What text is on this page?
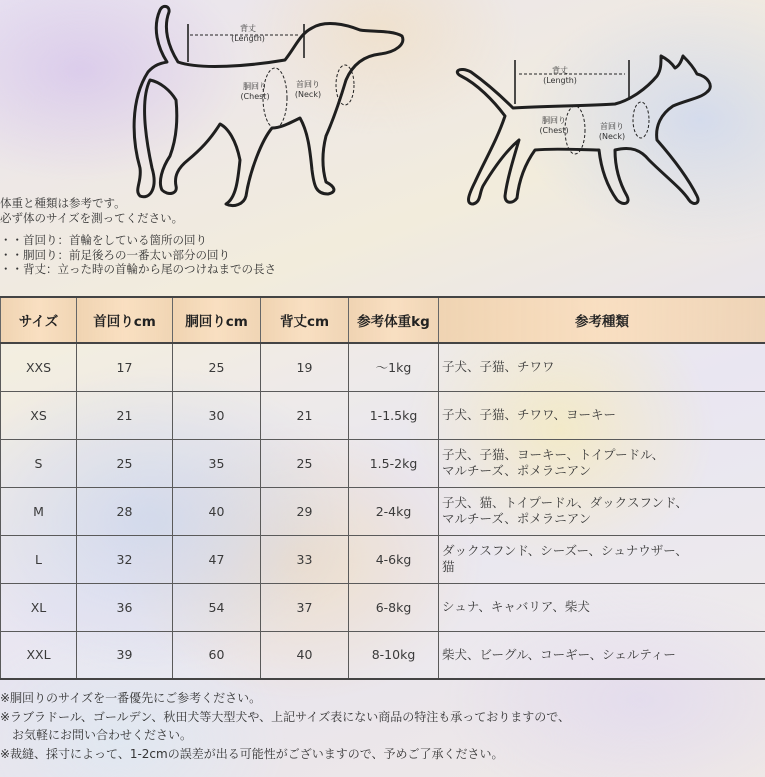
背丈
(Length)
胴回り
(Chest)
首回り
(Neck)
背丈
(Length)
胴回り
(Chest)	首回り
(Neck)
体重と種類は参考です。
必ず体のサイズを測ってください。
・・首回り：首輪をしている箇所の回り
・・胴回り：前足後ろの一番太い部分の回り
・・背丈：立った時の首輪から尾のつけねまでの長さ
サイズ	首回りcm	胴回りcm	背丈cm	参考体重kg	参考種類
XXS	17	25	19	～1kg	子犬、子猫、チワワ

XS	21	30	21	1-1.5kg	子犬、子猫、チワワ、ヨーキー

S	25	35	25	1.5-2kg	子犬、子猫、ヨーキー、トイプードル、
マルチーズ、ポメラニアン

M	28	40	29	2-4kg	子犬、猫、トイプードル、ダックスフンド、
マルチーズ、ポメラニアン

L	32	47	33	4-6kg	ダックスフンド、シーズー、シュナウザー、
猫

XL	36	54	37	6-8kg	シュナ、キャバリア、柴犬

XXL	39	60	40	8-10kg	柴犬、ビーグル、コーギー、シェルティー
※胴回りのサイズを一番優先にご参考ください。
※ラブラドール、ゴールデン、秋田犬等大型犬や、上記サイズ表にない商品の特注も承っておりますので、
　お気軽にお問い合わせください。
※裁縫、採寸によって、1-2cmの誤差が出る可能性がございますので、予めご了承ください。
